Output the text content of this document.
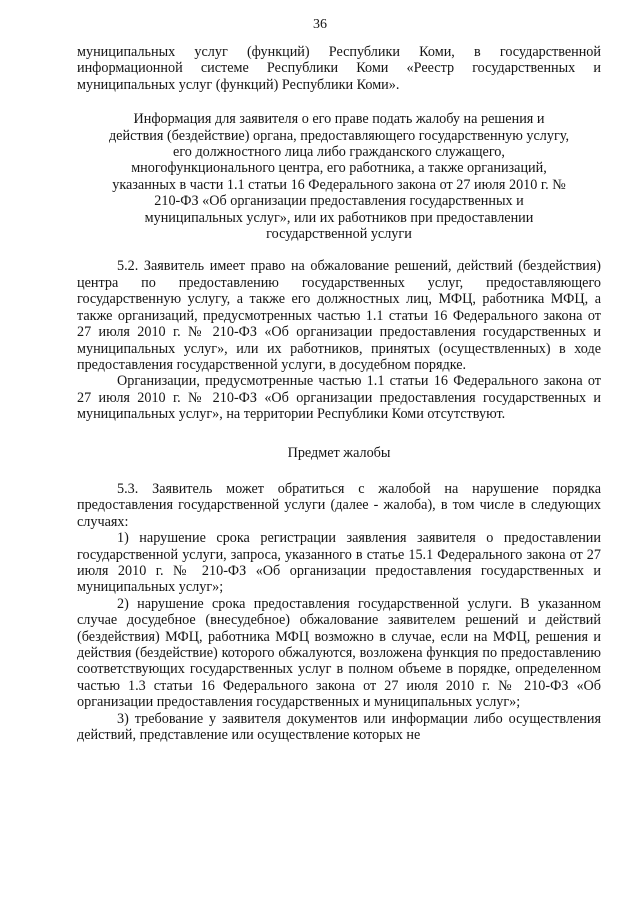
36

муниципальных услуг (функций) Республики Коми, в государственной информационной системе Республики Коми «Реестр государственных и муниципальных услуг (функций) Республики Коми».

Информация для заявителя о его праве подать жалобу на решения и действия (бездействие) органа, предоставляющего государственную услугу, его должностного лица либо гражданского служащего, многофункционального центра, его работника, а также организаций, указанных в части 1.1 статьи 16 Федерального закона от 27 июля 2010 г. № 210-ФЗ «Об организации предоставления государственных и муниципальных услуг», или их работников при предоставлении государственной услуги

5.2. Заявитель имеет право на обжалование решений, действий (бездействия) центра по предоставлению государственных услуг, предоставляющего государственную услугу, а также его должностных лиц, МФЦ, работника МФЦ, а также организаций, предусмотренных частью 1.1 статьи 16 Федерального закона от 27 июля 2010 г. № 210-ФЗ «Об организации предоставления государственных и муниципальных услуг», или их работников, принятых (осуществленных) в ходе предоставления государственной услуги, в досудебном порядке.

Организации, предусмотренные частью 1.1 статьи 16 Федерального закона от 27 июля 2010 г. № 210-ФЗ «Об организации предоставления государственных и муниципальных услуг», на территории Республики Коми отсутствуют.

Предмет жалобы

5.3. Заявитель может обратиться с жалобой на нарушение порядка предоставления государственной услуги (далее - жалоба), в том числе в следующих случаях:

1) нарушение срока регистрации заявления заявителя о предоставлении государственной услуги, запроса, указанного в статье 15.1 Федерального закона от 27 июля 2010 г. № 210-ФЗ «Об организации предоставления государственных и муниципальных услуг»;

2) нарушение срока предоставления государственной услуги. В указанном случае досудебное (внесудебное) обжалование заявителем решений и действий (бездействия) МФЦ, работника МФЦ возможно в случае, если на МФЦ, решения и действия (бездействие) которого обжалуются, возложена функция по предоставлению соответствующих государственных услуг в полном объеме в порядке, определенном частью 1.3 статьи 16 Федерального закона от 27 июля 2010 г. № 210-ФЗ «Об организации предоставления государственных и муниципальных услуг»;

3) требование у заявителя документов или информации либо осуществления действий, представление или осуществление которых не
